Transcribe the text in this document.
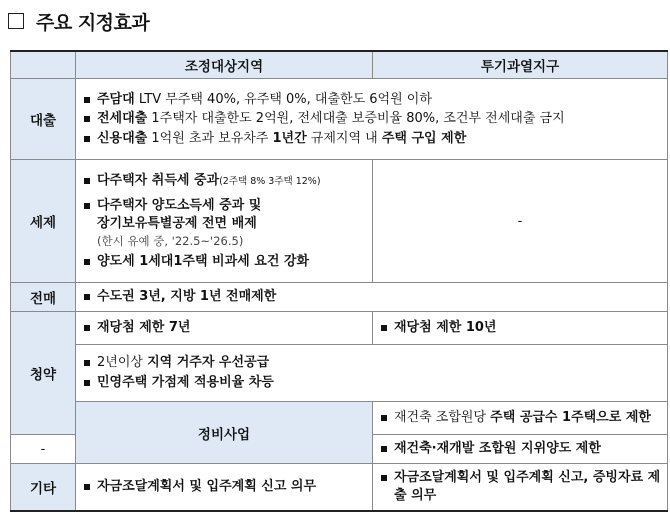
주요 지정효과
	조정대상지역	투기과열지구
대출	주담대 LTV 무주택 40%, 유주택 0%, 대출한도 6억원 이하
전세대출 1주택자 대출한도 2억원, 전세대출 보증비율 80%, 조건부 전세대출 금지
신용대출 1억원 초과 보유차주 1년간 규제지역 내 주택 구입 제한	

세제	다주택자 취득세 중과(2주택 8% 3주택 12%)
다주택자 양도소득세 중과 및
장기보유특별공제 전면 배제
(한시 유예 중, '22.5~'26.5)
양도세 1세대1주택 비과세 요건 강화	-
전매	수도권 3년, 지방 1년 전매제한	

청약	재당첨 제한 7년	재당첨 제한 10년

	2년이상 지역 거주자 우선공급
민영주택 가점제 적용비율 차등	

	정비사업	재건축 조합원당 주택 공급수 1주택으로 제한

-		재건축·재개발 조합원 지위양도 제한

기타	자금조달계획서 및 입주계획 신고 의무	자금조달계획서 및 입주계획 신고, 증빙자료 제출 의무
